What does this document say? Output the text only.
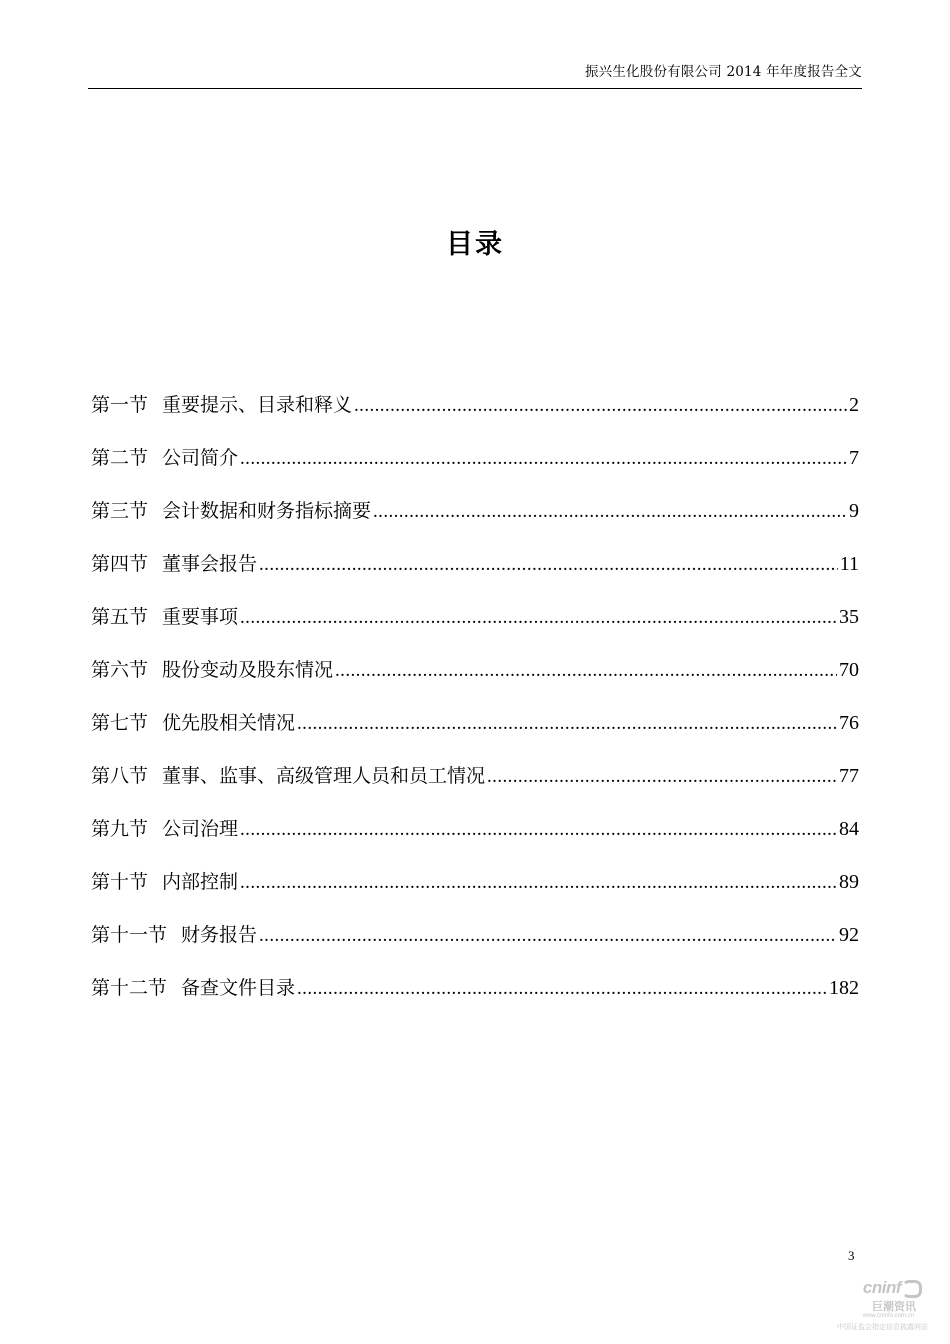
振兴生化股份有限公司 2014 年年度报告全文
目录
第一节 重要提示、目录和释义 .....	2
第二节 公司简介 .....	7
第三节 会计数据和财务指标摘要 .....	9
第四节 董事会报告 .....	11
第五节 重要事项 .....	35
第六节 股份变动及股东情况 .....	70
第七节 优先股相关情况 .....	76
第八节 董事、监事、高级管理人员和员工情况 .....	77
第九节 公司治理 .....	84
第十节 内部控制 .....	89
第十一节 财务报告 .....	92
第十二节 备查文件目录 .....	182
3
cninf
巨潮资讯
www.cninfo.com.cn
中国证监会指定信息披露网站
